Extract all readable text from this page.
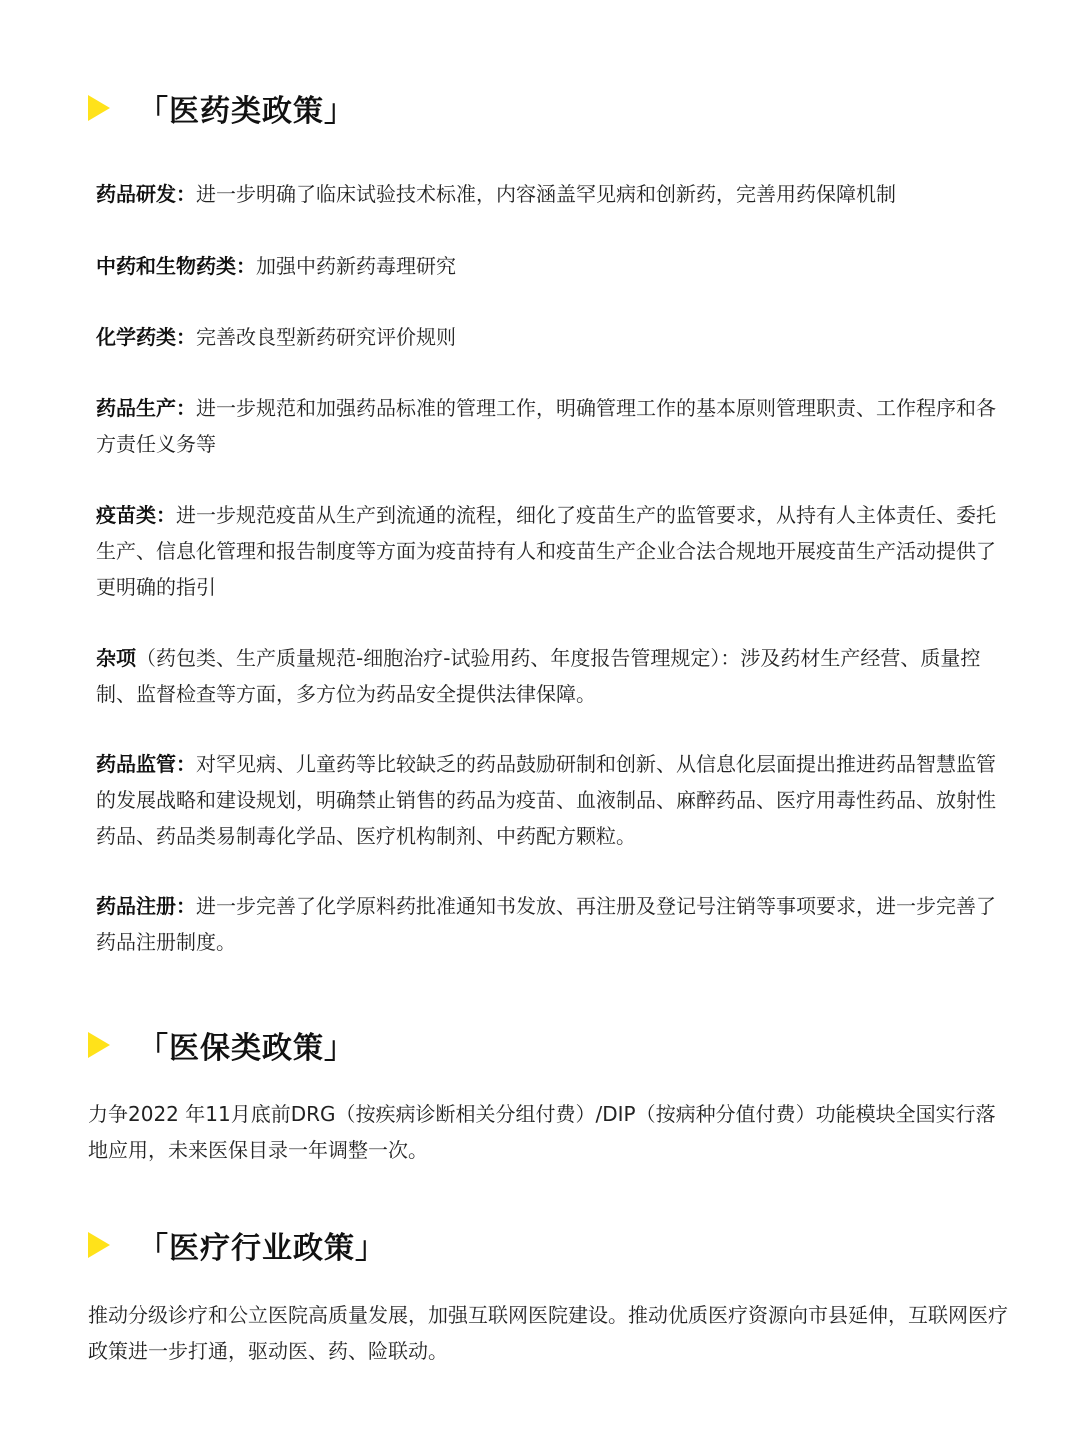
「医药类政策」

药品研发：进一步明确了临床试验技术标准，内容涵盖罕见病和创新药，完善用药保障机制

中药和生物药类：加强中药新药毒理研究

化学药类：完善改良型新药研究评价规则

药品生产：进一步规范和加强药品标准的管理工作，明确管理工作的基本原则管理职责、工作程序和各方责任义务等

疫苗类：进一步规范疫苗从生产到流通的流程，细化了疫苗生产的监管要求，从持有人主体责任、委托生产、信息化管理和报告制度等方面为疫苗持有人和疫苗生产企业合法合规地开展疫苗生产活动提供了更明确的指引

杂项（药包类、生产质量规范-细胞治疗-试验用药、年度报告管理规定）：涉及药材生产经营、质量控制、监督检查等方面，多方位为药品安全提供法律保障。

药品监管：对罕见病、儿童药等比较缺乏的药品鼓励研制和创新、从信息化层面提出推进药品智慧监管的发展战略和建设规划，明确禁止销售的药品为疫苗、血液制品、麻醉药品、医疗用毒性药品、放射性药品、药品类易制毒化学品、医疗机构制剂、中药配方颗粒。

药品注册：进一步完善了化学原料药批准通知书发放、再注册及登记号注销等事项要求，进一步完善了药品注册制度。

「医保类政策」

力争2022 年11月底前DRG（按疾病诊断相关分组付费）/DIP（按病种分值付费）功能模块全国实行落地应用，未来医保目录一年调整一次。

「医疗行业政策」

推动分级诊疗和公立医院高质量发展，加强互联网医院建设。推动优质医疗资源向市县延伸，互联网医疗政策进一步打通，驱动医、药、险联动。
